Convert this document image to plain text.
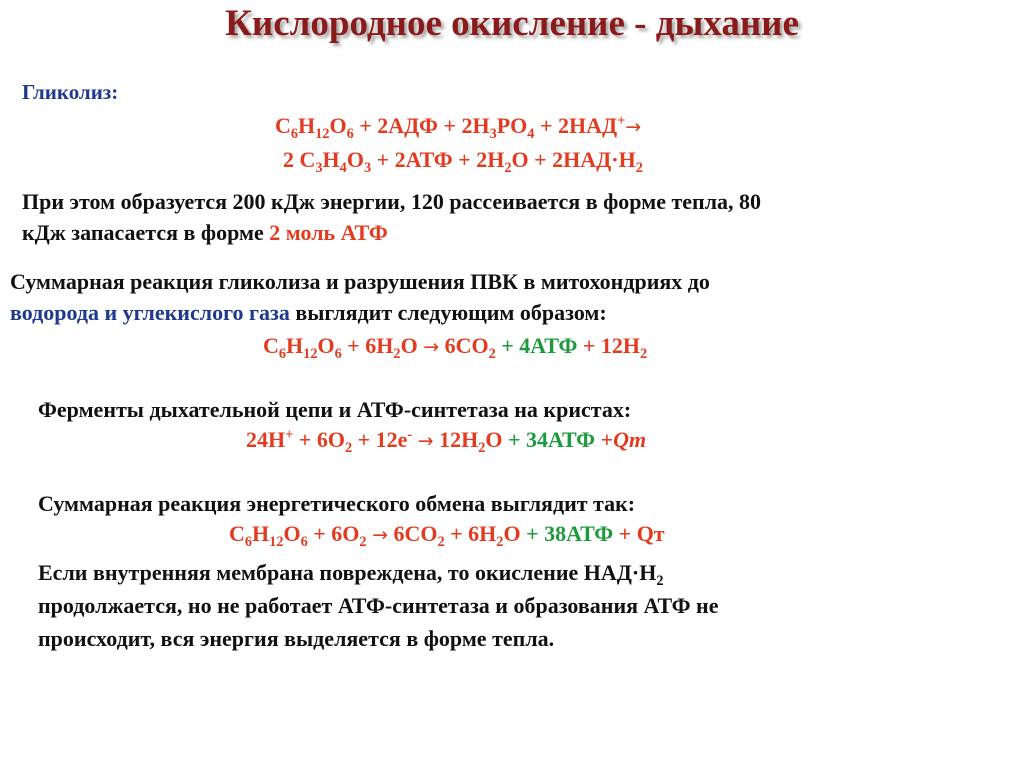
Кислородное окисление - дыхание
Гликолиз:
$C_6H_{12}O_6 + 2АДФ + 2H_3PO_4 + 2НАД^+\to$
2 $C_3H_4O_3 + 2АТФ + 2H_2O + 2НАД\cdot H_2$
При этом образуется 200 кДж энергии, 120 рассеивается в форме тепла, 80
кДж запасается в форме 2 моль АТФ
Суммарная реакция гликолиза и разрушения ПВК в митохондриях до
водорода и углекислого газа выглядит следующим образом:
$C_6H_{12}O_6 + 6H_2O \to 6CO_2 + 4АТФ + 12H_2$
Ферменты дыхательной цепи и АТФ-синтетаза на кристах:
$24H^+ + 6O_2 + 12e^- \to 12H_2O + 34АТФ +Qm$
Суммарная реакция энергетического обмена выглядит так:
$C_6H_{12}O_6 + 6O_2 \to 6CO_2 + 6H_2O + 38АТФ$ + Qт
Если внутренняя мембрана повреждена, то окисление $НАД\cdot H_2$
продолжается, но не работает АТФ-синтетаза и образования АТФ не
происходит, вся энергия выделяется в форме тепла.
